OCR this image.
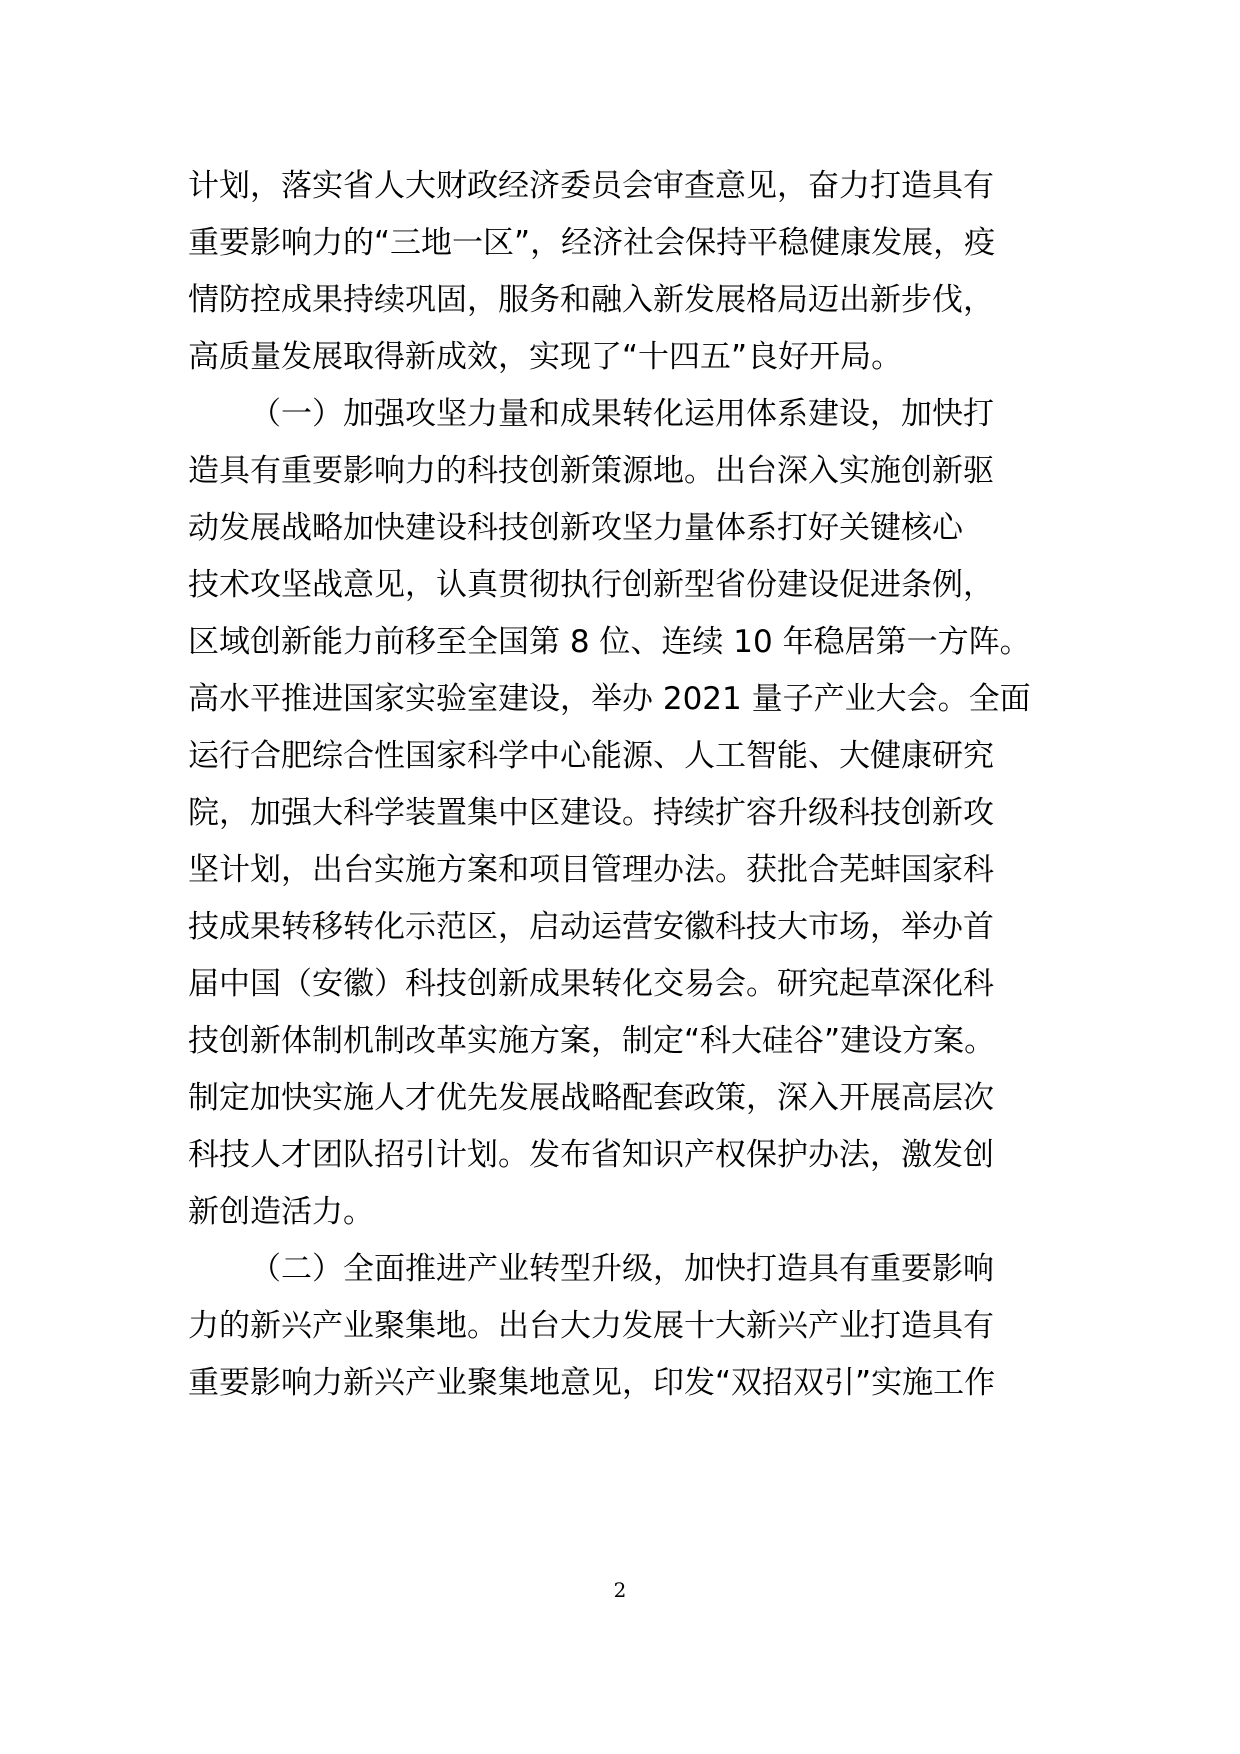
计划，落实省人大财政经济委员会审查意见，奋力打造具有
重要影响力的“三地一区”，经济社会保持平稳健康发展，疫
情防控成果持续巩固，服务和融入新发展格局迈出新步伐，
高质量发展取得新成效，实现了“十四五”良好开局。
（一）加强攻坚力量和成果转化运用体系建设，加快打
造具有重要影响力的科技创新策源地。出台深入实施创新驱
动发展战略加快建设科技创新攻坚力量体系打好关键核心
技术攻坚战意见，认真贯彻执行创新型省份建设促进条例，
区域创新能力前移至全国第 8 位、连续 10 年稳居第一方阵。
高水平推进国家实验室建设，举办 2021 量子产业大会。全面
运行合肥综合性国家科学中心能源、人工智能、大健康研究
院，加强大科学装置集中区建设。持续扩容升级科技创新攻
坚计划，出台实施方案和项目管理办法。获批合芜蚌国家科
技成果转移转化示范区，启动运营安徽科技大市场，举办首
届中国（安徽）科技创新成果转化交易会。研究起草深化科
技创新体制机制改革实施方案，制定“科大硅谷”建设方案。
制定加快实施人才优先发展战略配套政策，深入开展高层次
科技人才团队招引计划。发布省知识产权保护办法，激发创
新创造活力。
（二）全面推进产业转型升级，加快打造具有重要影响
力的新兴产业聚集地。出台大力发展十大新兴产业打造具有
重要影响力新兴产业聚集地意见，印发“双招双引”实施工作
2
